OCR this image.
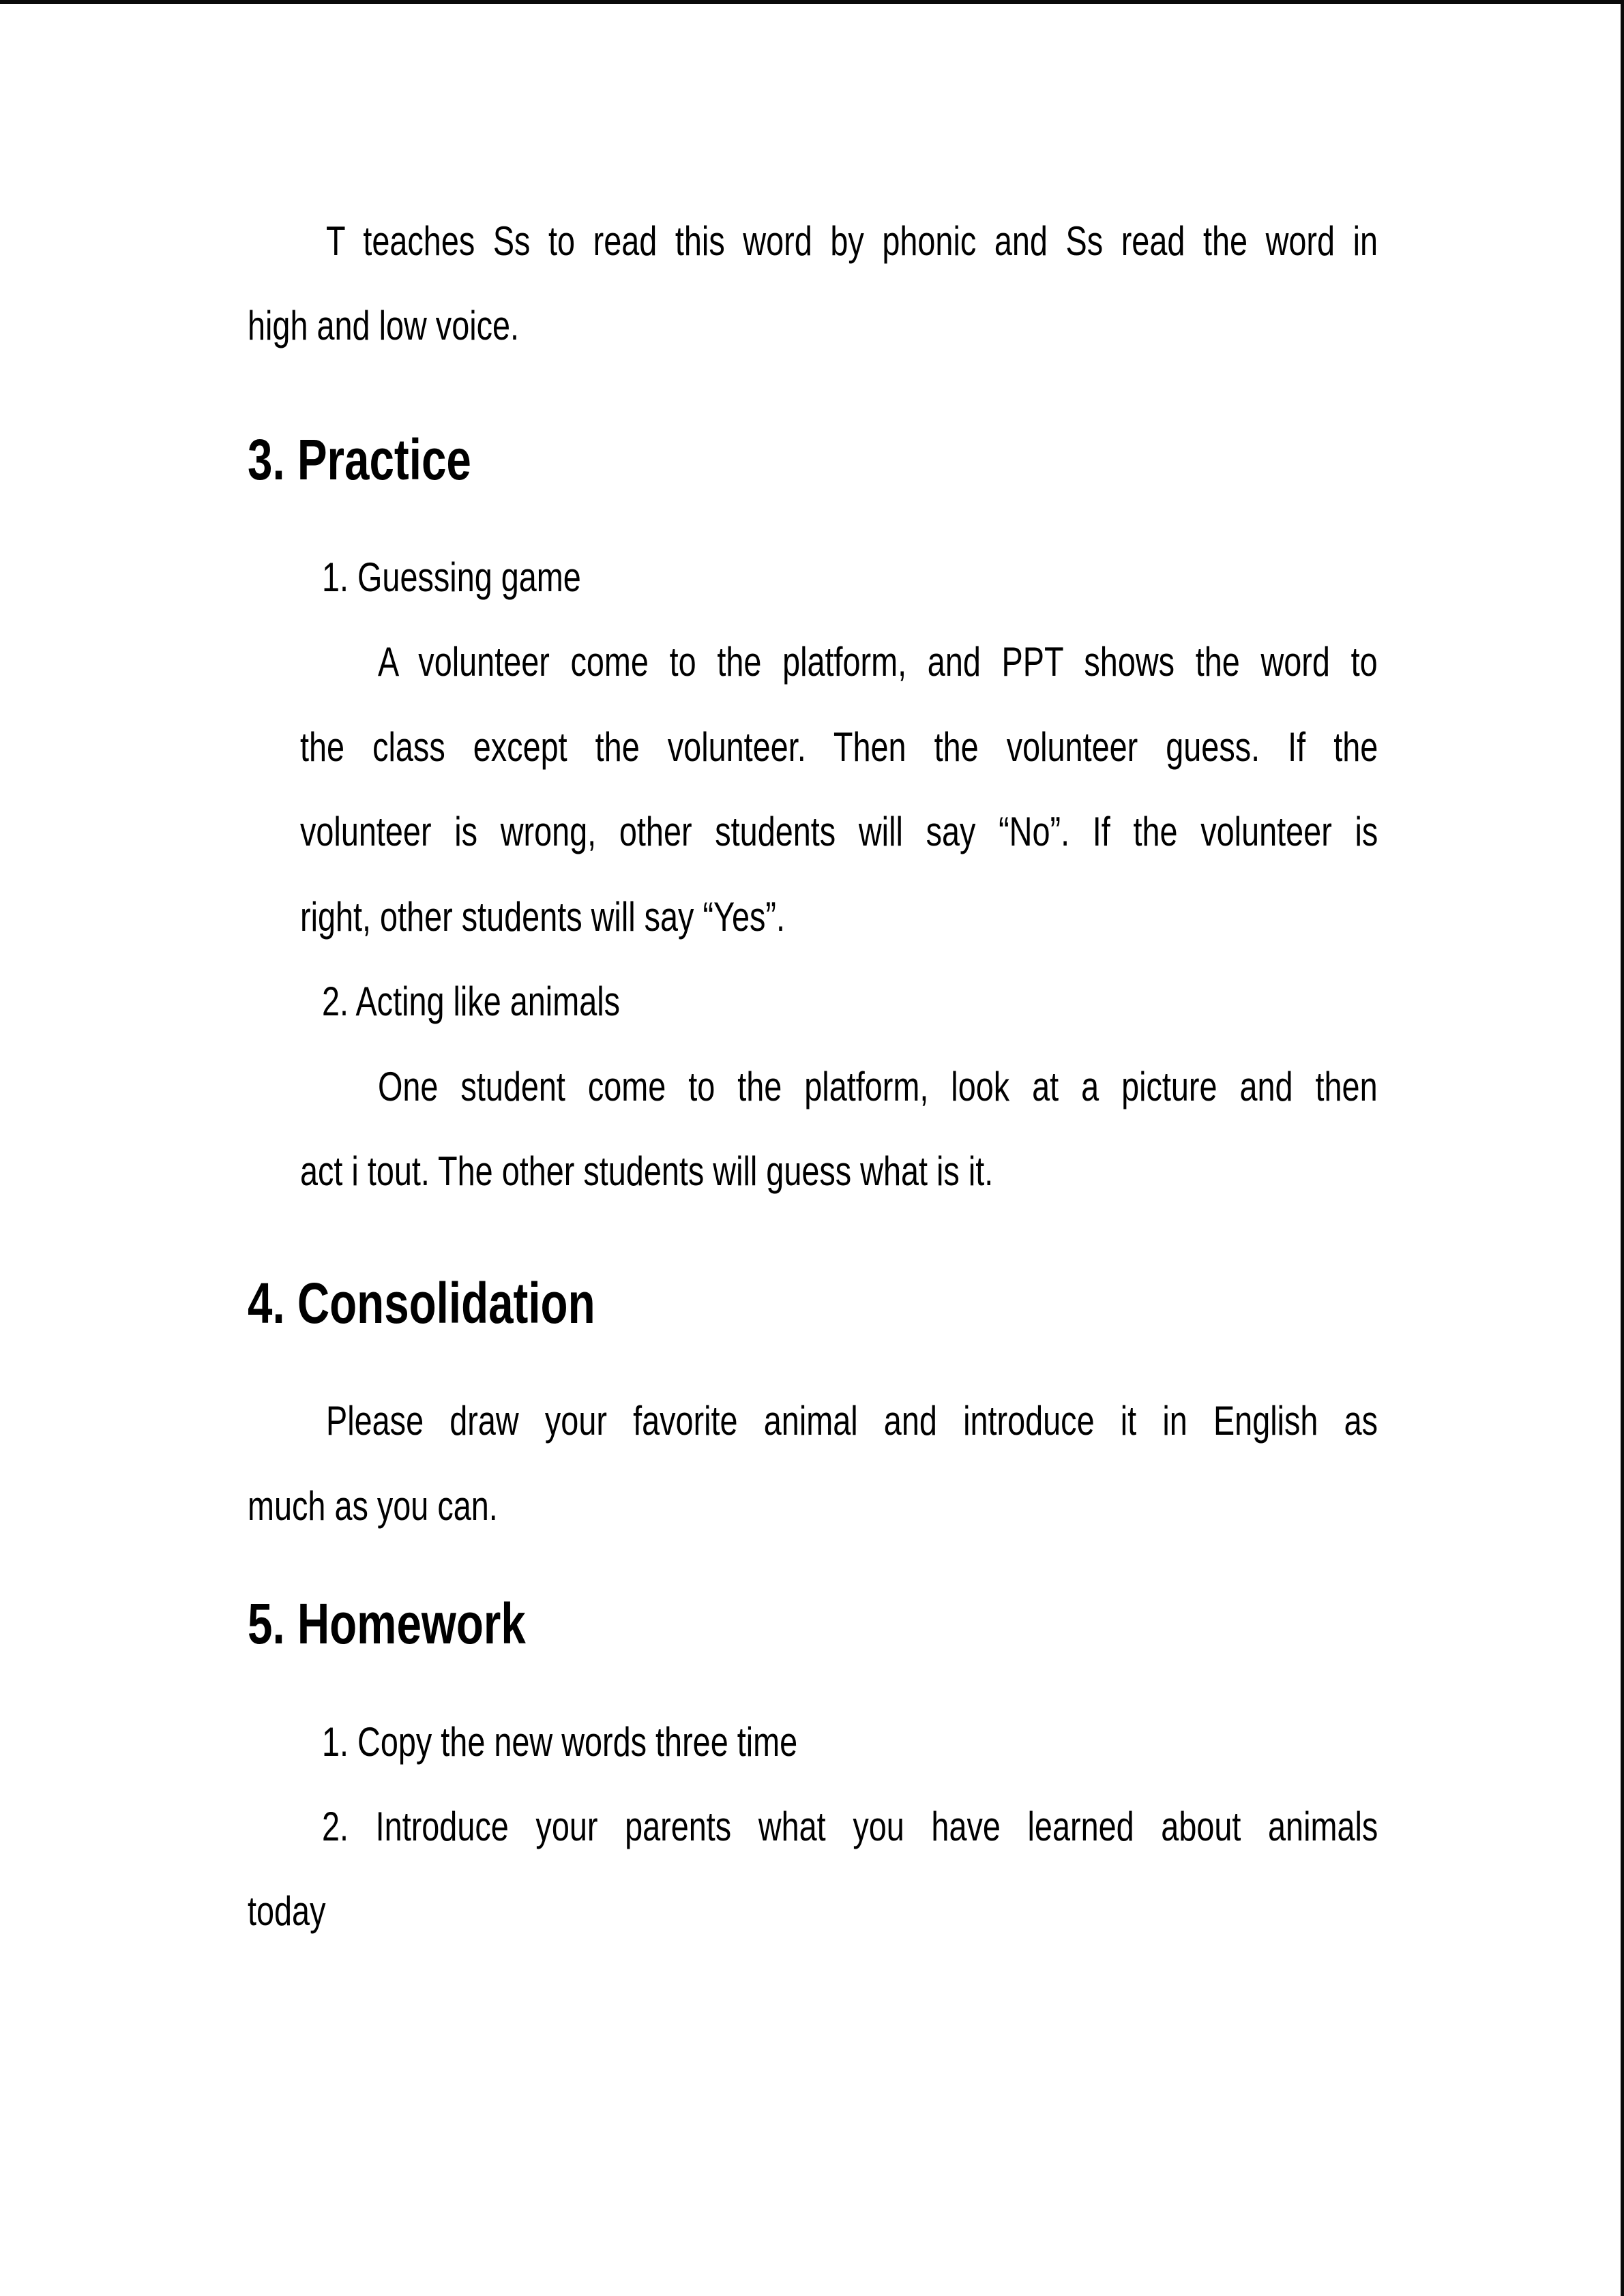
T teaches Ss to read this word by phonic and Ss read the word in
high and low voice.
3. Practice
1. Guessing game
A volunteer come to the platform, and PPT shows the word to
the class except the volunteer. Then the volunteer guess. If the
volunteer is wrong, other students will say “No”. If the volunteer is
right, other students will say “Yes”.
2. Acting like animals
One student come to the platform, look at a picture and then
act i tout. The other students will guess what is it.
4. Consolidation
Please draw your favorite animal and introduce it in English as
much as you can.
5. Homework
1. Copy the new words three time
2. Introduce your parents what you have learned about animals
today
